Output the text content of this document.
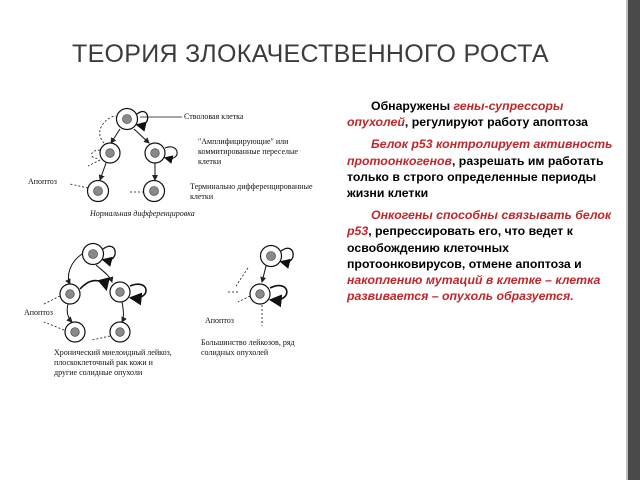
ТЕОРИЯ ЗЛОКАЧЕСТВЕННОГО РОСТА
Стволовая клетка
"Амплифицирующие" или коммитированные переселые клетки
Апоптоз
Терминально дифференцированные клетки
Нормальная дифференцировка
Апоптоз
Хронический миелоидный лейкоз, плоскоклеточный рак кожи и другие солидные опухоли
Апоптоз
Большинство лейкозов, ряд солидных опухолей

Обнаружены гены-супрессоры опухолей, регулируют работу апоптоза

Белок р53 контролирует активность протоонкогенов, разрешать им работать только в строго определенные периоды жизни клетки

Онкогены способны связывать белок р53, репрессировать его, что ведет к освобождению клеточных протоонковирусов, отмене апоптоза и накоплению мутаций в клетке – клетка развивается – опухоль образуется.
